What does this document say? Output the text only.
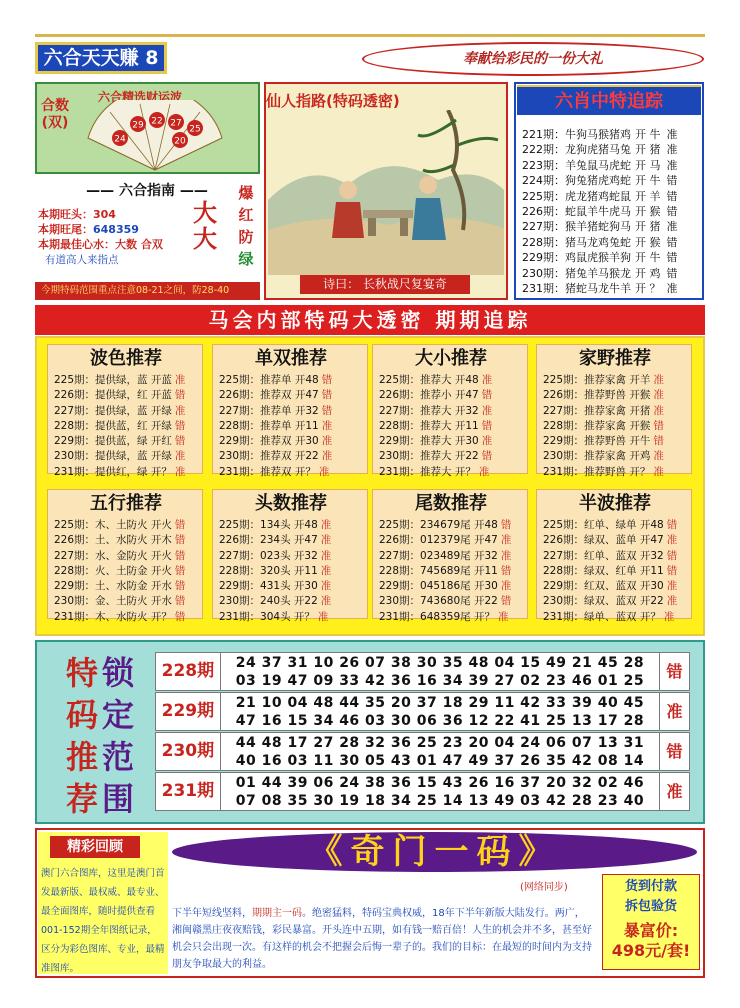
六合天天赚 8	奉献给彩民的一份大礼
六合精选财运波
合数(双)
24
29 22 27
25
20
—— 六合指南 ——
本期旺头：304
本期旺尾：648359
本期最佳心水：大数 合双
有道高人来指点
大
大
爆
红
防
绿
今期特码范围重点注意08-21之间，防28-40
仙人指路(特码透密)
诗曰： 长秋战尺复宴奇
六肖中特追踪
221期：牛狗马猴猪鸡 开 牛 准
222期：龙狗虎猪马兔 开 猪 准
223期：羊兔鼠马虎蛇 开 马 准
224期：狗兔猪虎鸡蛇 开 牛 错
225期：虎龙猪鸡蛇鼠 开 羊 错
226期：蛇鼠羊牛虎马 开 猴 错
227期：猴羊猪蛇狗马 开 猪 准
228期：猪马龙鸡兔蛇 开 猴 错
229期：鸡鼠虎猴羊狗 开 牛 错
230期：猪兔羊马猴龙 开 鸡 错
231期：猪蛇马龙牛羊 开 ？ 准
马会内部特码大透密 期期追踪
波色推荐
225期：提供绿，蓝 开蓝 准
226期：提供绿，红 开蓝 错
227期：提供绿，蓝 开绿 准
228期：提供蓝，红 开绿 错
229期：提供蓝，绿 开红 错
230期：提供绿，蓝 开绿 准
231期：提供红，绿 开？ 准
单双推荐
225期：推荐单 开48 错
226期：推荐双 开47 错
227期：推荐单 开32 错
228期：推荐单 开11 准
229期：推荐双 开30 准
230期：推荐双 开22 准
231期：推荐双 开？ 准
大小推荐
225期：推荐大 开48 准
226期：推荐小 开47 错
227期：推荐大 开32 准
228期：推荐大 开11 错
229期：推荐大 开30 准
230期：推荐大 开22 错
231期：推荐大 开？ 准
家野推荐
225期：推荐家禽 开羊 准
226期：推荐野兽 开猴 准
227期：推荐家禽 开猪 准
228期：推荐家禽 开猴 错
229期：推荐野兽 开牛 错
230期：推荐家禽 开鸡 准
231期：推荐野兽 开？ 准
五行推荐
225期：木、土防火 开火 错
226期：土、水防火 开木 错
227期：水、金防火 开火 错
228期：火、土防金 开火 错
229期：土、水防金 开水 错
230期：金、土防火 开水 错
231期：木、水防火 开？ 错
头数推荐
225期：134头 开48 准
226期：234头 开47 准
227期：023头 开32 准
228期：320头 开11 准
229期：431头 开30 准
230期：240头 开22 准
231期：304头 开？ 准
尾数推荐
225期：234679尾 开48 错
226期：012379尾 开47 准
227期：023489尾 开32 准
228期：745689尾 开11 错
229期：045186尾 开30 准
230期：743680尾 开22 错
231期：648359尾 开？ 准
半波推荐
225期：红单、绿单 开48 错
226期：绿双、蓝单 开47 准
227期：红单、蓝双 开32 错
228期：绿双、红单 开11 错
229期：红双、蓝双 开30 准
230期：绿双、蓝双 开22 准
231期：绿单、蓝双 开？ 准
特
码
推
荐
锁
定
范
围
228期	24 37 31 10 26 07 38 30 35 48 04 15 49 21 45 28
03 19 47 09 33 42 36 16 34 39 27 02 23 46 01 25	错
229期	21 10 04 48 44 35 20 37 18 29 11 42 33 39 40 45
47 16 15 34 46 03 30 06 36 12 22 41 25 13 17 28	准
230期	44 48 17 27 28 32 36 25 23 20 04 24 06 07 13 31
40 16 03 11 30 05 43 01 47 49 37 26 35 42 08 14	错
231期	01 44 39 06 24 38 36 15 43 26 16 37 20 32 02 46
07 08 35 30 19 18 34 25 14 13 49 03 42 28 23 40	准
精彩回顾
澳门六合图库，这里是澳门首发最新版、最权威、最专业、最全面图库，随时提供查看001-152期全年图纸记录，区分为彩色图库、专业，最精准图库。
《奇门一码》
(网络同步)
下半年短线坚料，期期主一码。绝密猛料，特码宝典权威，18年下半年新版大陆发行。两广，湘闽赣黑庄夜夜赔钱，彩民暴富。开头连中五期，如有钱一赔百倍！人生的机会并不多，甚至好机会只会出现一次。有这样的机会不把握会后悔一辈子的。我们的目标：在最短的时间内为支持朋友争取最大的利益。
货到付款
拆包验货
暴富价:
498元/套!
